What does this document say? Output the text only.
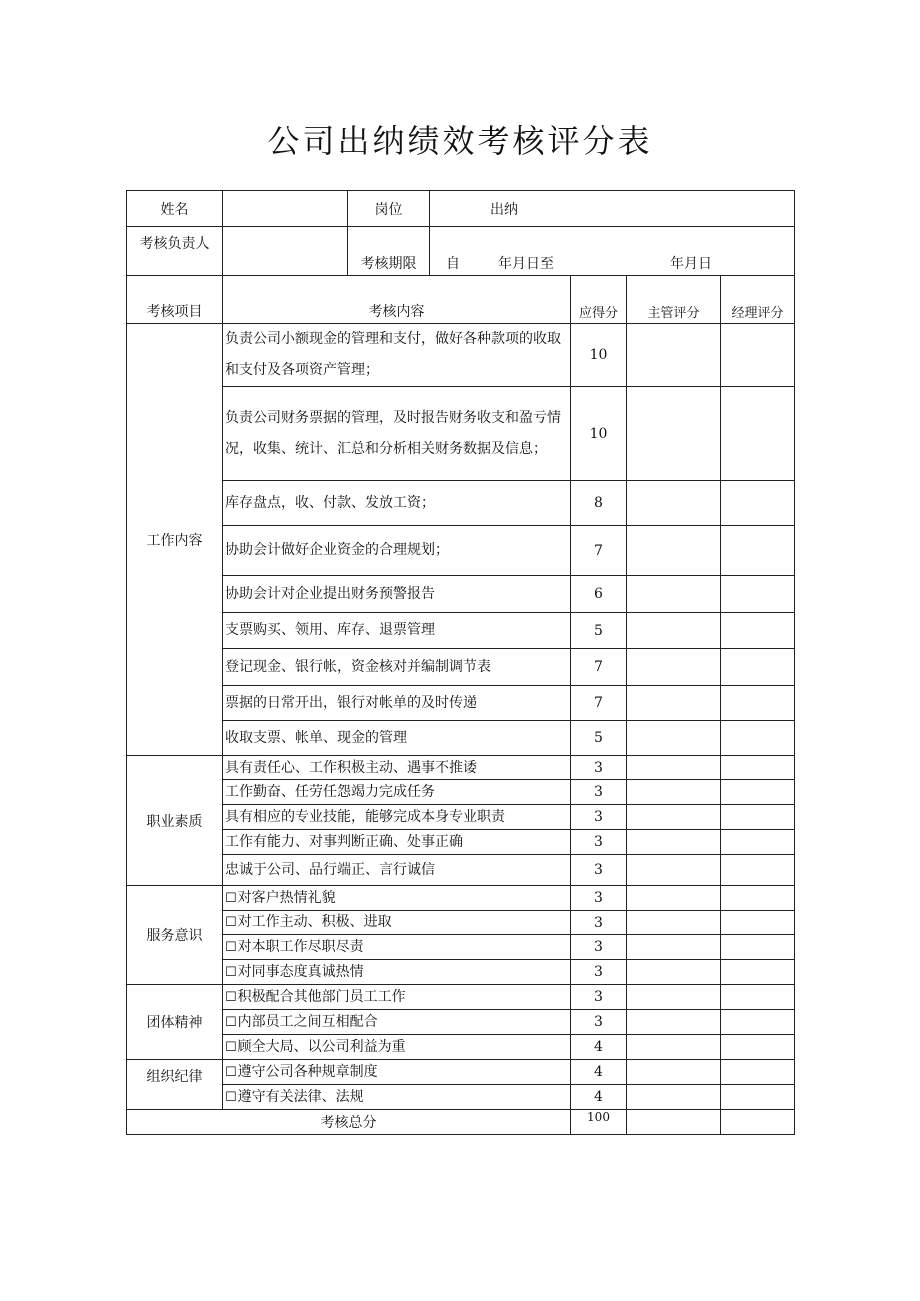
公司出纳绩效考核评分表
姓名		岗位	出纳			
考核负责人		考核期限	自 年月日至 年月日			
考核项目	考核内容			应得分	主管评分	经理评分
工作内容	负责公司小额现金的管理和支付，做好各种款项的收取和支付及各项资产管理；			10		
	负责公司财务票据的管理，及时报告财务收支和盈亏情况，收集、统计、汇总和分析相关财务数据及信息；			10		
	库存盘点，收、付款、发放工资；			8		
	协助会计做好企业资金的合理规划；			7		
	协助会计对企业提出财务预警报告			6		
	支票购买、领用、库存、退票管理			5		
	登记现金、银行帐，资金核对并编制调节表			7		
	票据的日常开出，银行对帐单的及时传递			7		
	收取支票、帐单、现金的管理			5		
职业素质	具有责任心、工作积极主动、遇事不推诿			3		
	工作勤奋、任劳任怨竭力完成任务			3		
	具有相应的专业技能，能够完成本身专业职责			3		
	工作有能力、对事判断正确、处事正确			3		
	忠诚于公司、品行端正、言行诚信			3		
服务意识	☐对客户热情礼貌			3		
	☐对工作主动、积极、进取			3		
	☐对本职工作尽职尽责			3		
	☐对同事态度真诚热情			3		
团体精神	☐积极配合其他部门员工工作			3		
	☐内部员工之间互相配合			3		
	☐顾全大局、以公司利益为重			4		
组织纪律	☐遵守公司各种规章制度			4		
	☐遵守有关法律、法规			4		
考核总分				100		
